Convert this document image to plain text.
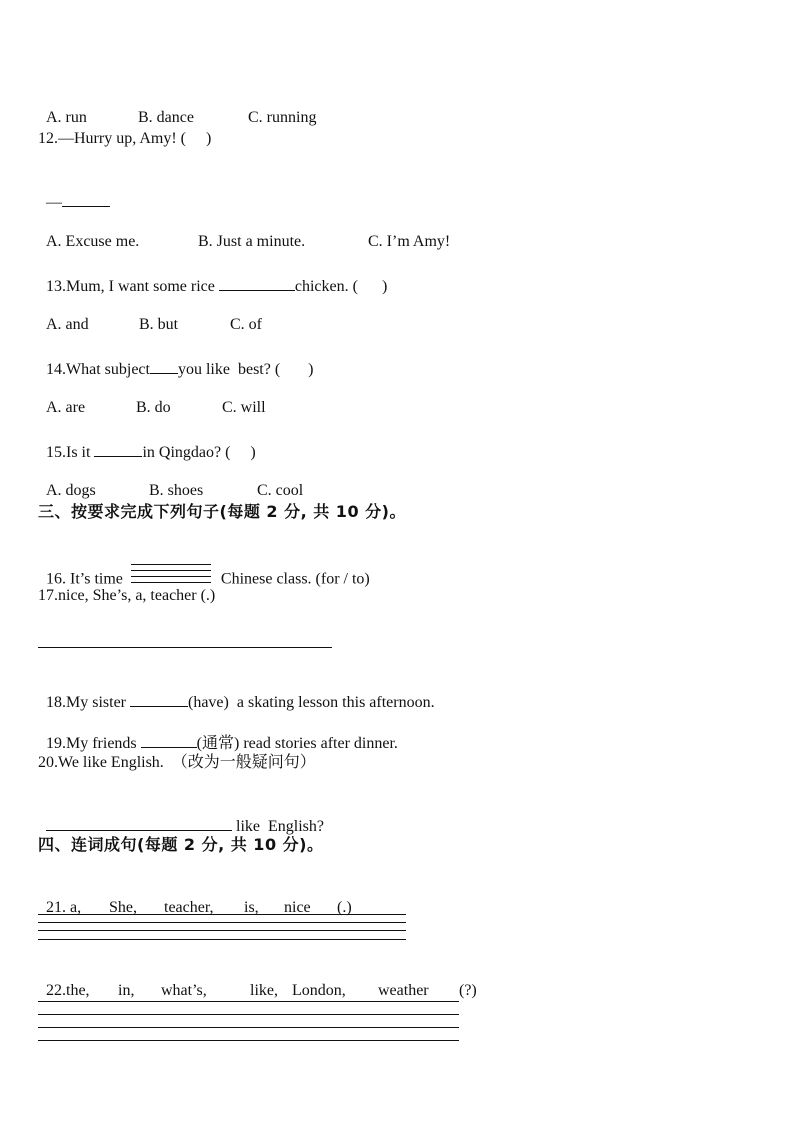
A. run	B. dance	C. running

12.—Hurry up, Amy! (     )

—

A. Excuse me.	B. Just a minute.	C. I’m Amy!

13.Mum, I want some rice	chicken. (      )

A. and	B. but	C. of

14.What subject you like  best? (       )

A. are	B. do	C. will

15.Is it	in Qingdao? (     )

A. dogs	B. shoes	C. cool

三、按要求完成下列句子(每题 2 分, 共 10 分)。

16. It’s time
	Chinese class. (for / to)

17.nice, She’s, a, teacher (.)

18.My sister	(have)  a skating lesson this afternoon.

19.My friends	(通常) read stories after dinner.

20.We like English.  （改为一般疑问句）

like  English?

四、连词成句(每题 2 分, 共 10 分)。

21. a, She, teacher, is, nice (.)

22.the, in, what’s,	like, London, weather (?)
